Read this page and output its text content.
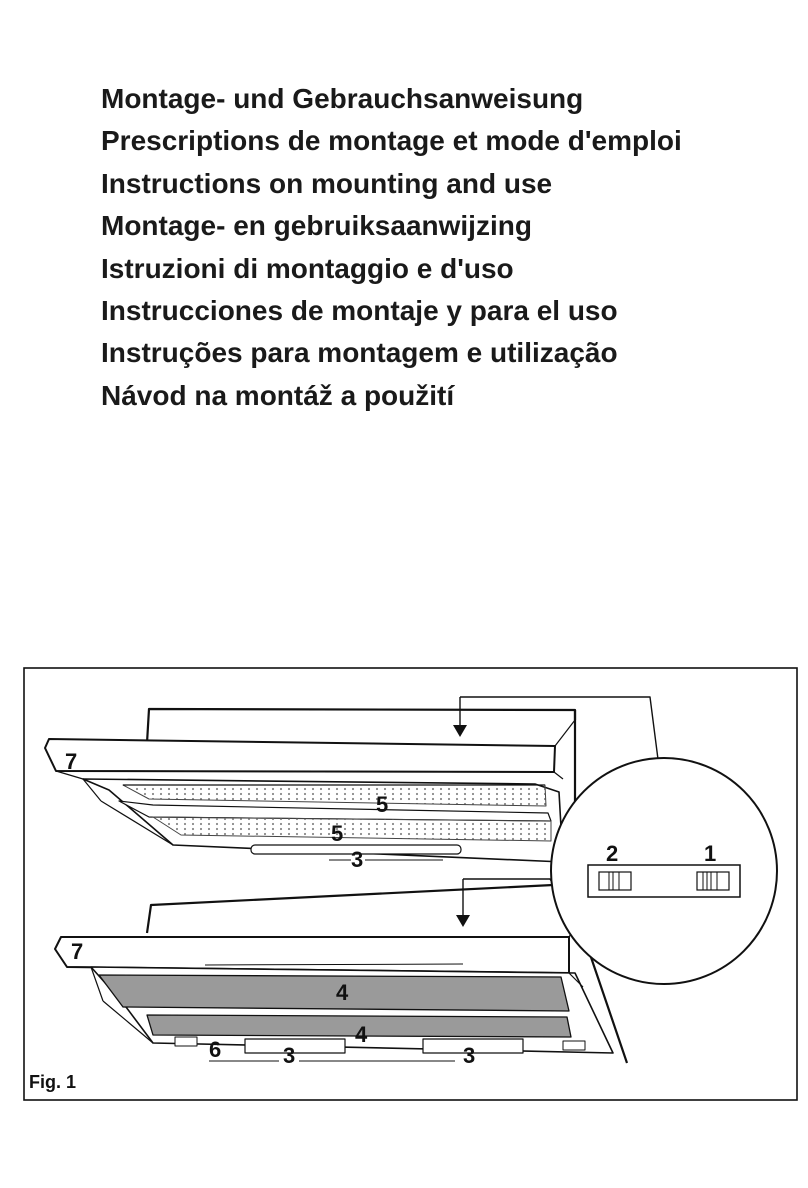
Montage- und Gebrauchsanweisung
Prescriptions de montage et mode d'emploi
Instructions on mounting and use
Montage- en gebruiksaanwijzing
Istruzioni di montaggio e d'uso
Instrucciones de montaje y para el uso
Instruções para montagem e utilização
Návod na montáž a použití
7
5
5
3
7
4
4
6	3	3
2	1
Fig. 1
